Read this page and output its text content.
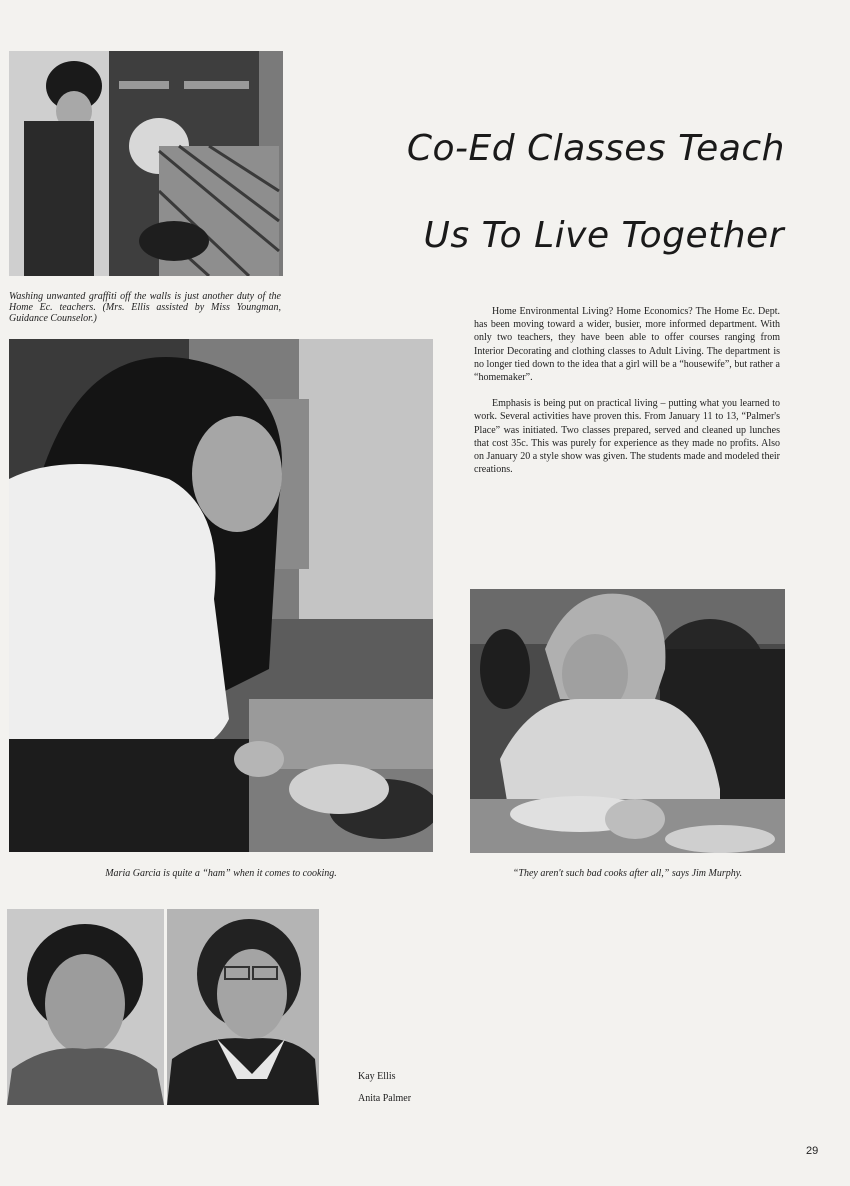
Washing unwanted graffiti off the walls is just another duty of the Home Ec. teachers. (Mrs. Ellis assisted by Miss Youngman, Guidance Counselor.)
Co-Ed Classes Teach
Us To Live Together

Home Environmental Living? Home Economics? The Home Ec. Dept. has been moving toward a wider, busier, more informed department. With only two teachers, they have been able to offer courses ranging from Interior Decorating and clothing classes to Adult Living. The department is no longer tied down to the idea that a girl will be a “housewife”, but rather a “homemaker”.

Emphasis is being put on practical living – putting what you learned to work. Several activities have proven this. From January 11 to 13, “Palmer's Place” was initiated. Two classes prepared, served and cleaned up lunches that cost 35c. This was purely for experience as they made no profits. Also on January 20 a style show was given. The students made and modeled their creations.

Maria Garcia is quite a “ham” when it comes to cooking.	“They aren't such bad cooks after all,” says Jim Murphy.
Kay Ellis
Anita Palmer
29
